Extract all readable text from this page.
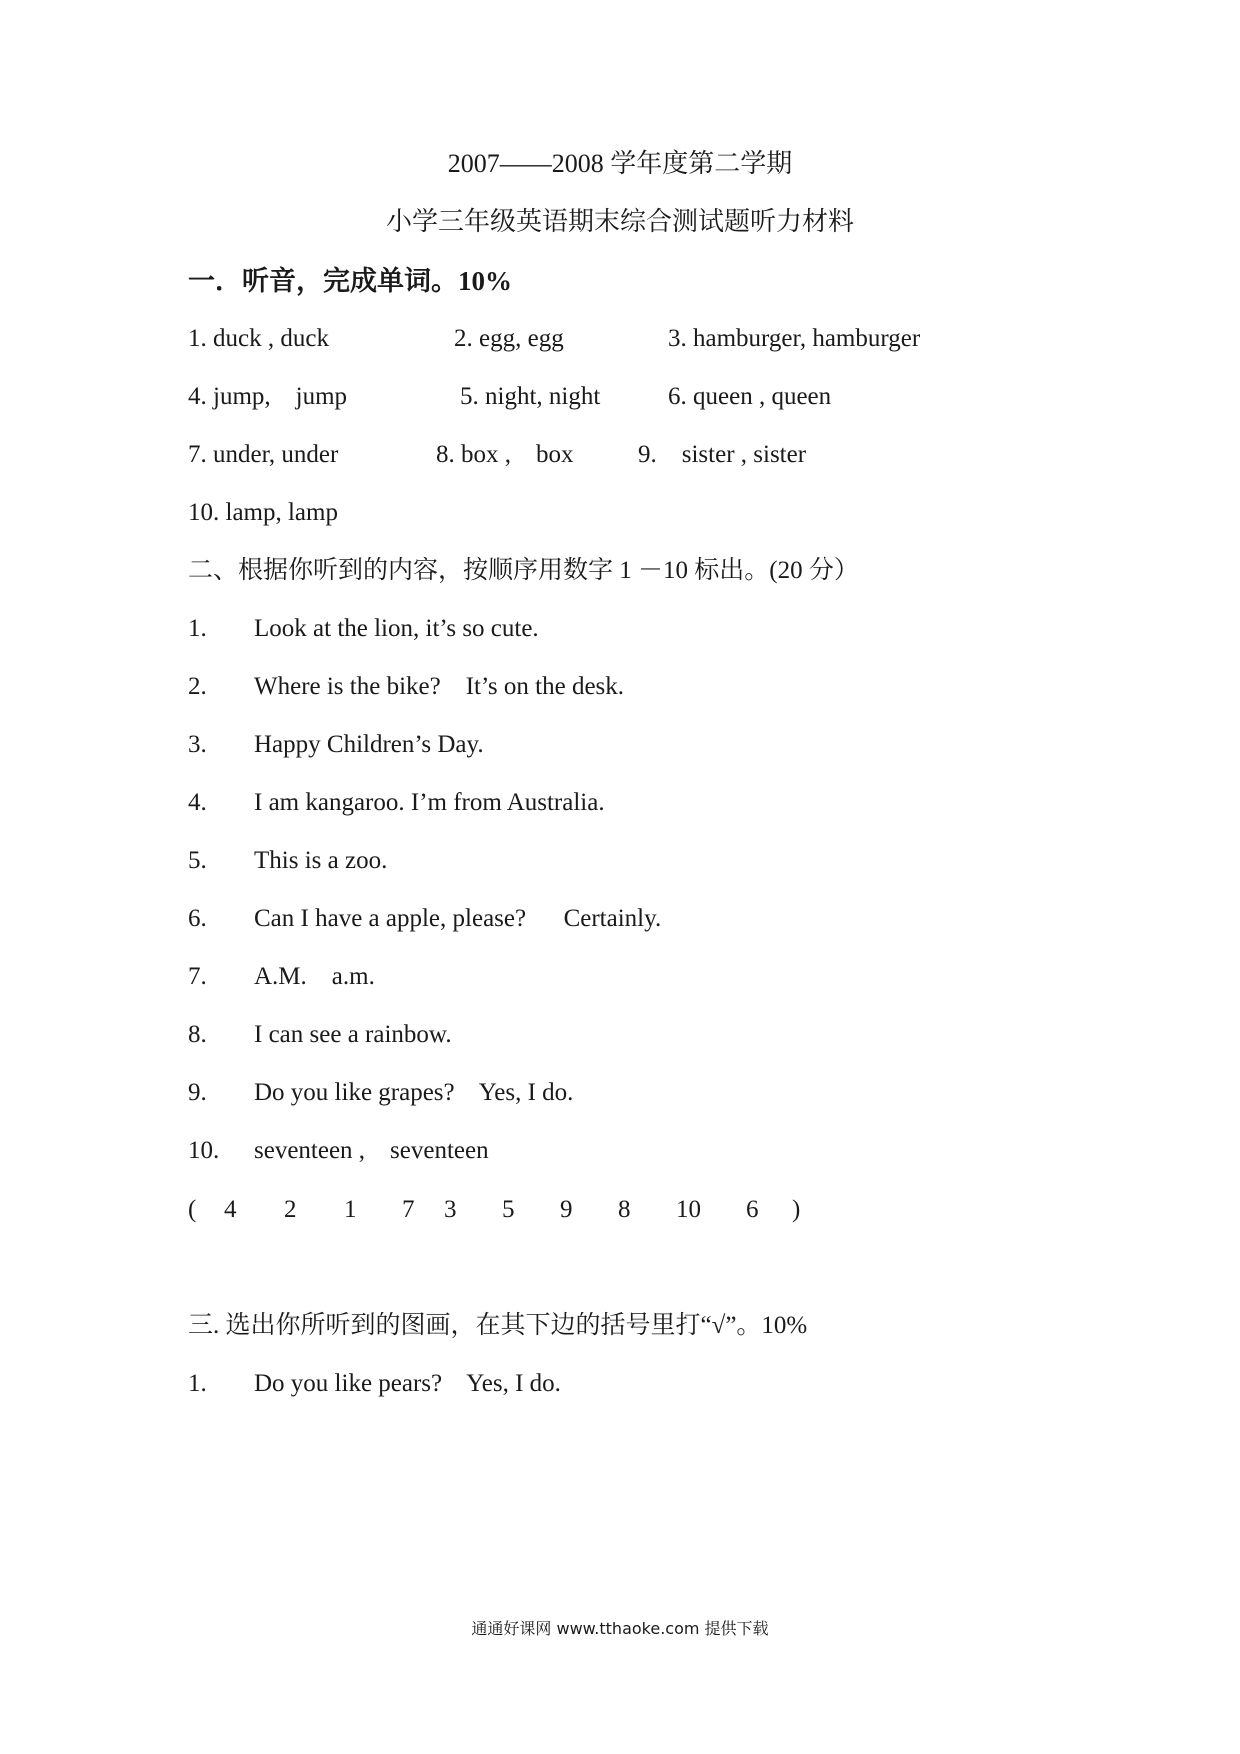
2007——2008 学年度第二学期
小学三年级英语期末综合测试题听力材料
一．听音，完成单词。10%
1. duck , duck	2. egg, egg	3. hamburger, hamburger
4. jump,    jump	5. night, night	6. queen , queen
7. under, under	8. box ,    box	9.    sister , sister
10. lamp, lamp
二、根据你听到的内容，按顺序用数字 1 －10 标出。(20 分）
1. Look at the lion, it’s so cute.
2. Where is the bike?    It’s on the desk.
3. Happy Children’s Day.
4. I am kangaroo. I’m from Australia.
5. This is a zoo.
6. Can I have a apple, please?      Certainly.
7. A.M.    a.m.
8. I can see a rainbow.
9. Do you like grapes?    Yes, I do.
10. seventeen ,    seventeen
( 4 2 1 7 3 5 9 8 10 6 )
三. 选出你所听到的图画，在其下边的括号里打“√”。10%
1. Do you like pears?    Yes, I do.
通通好课网 www.tthaoke.com 提供下载
